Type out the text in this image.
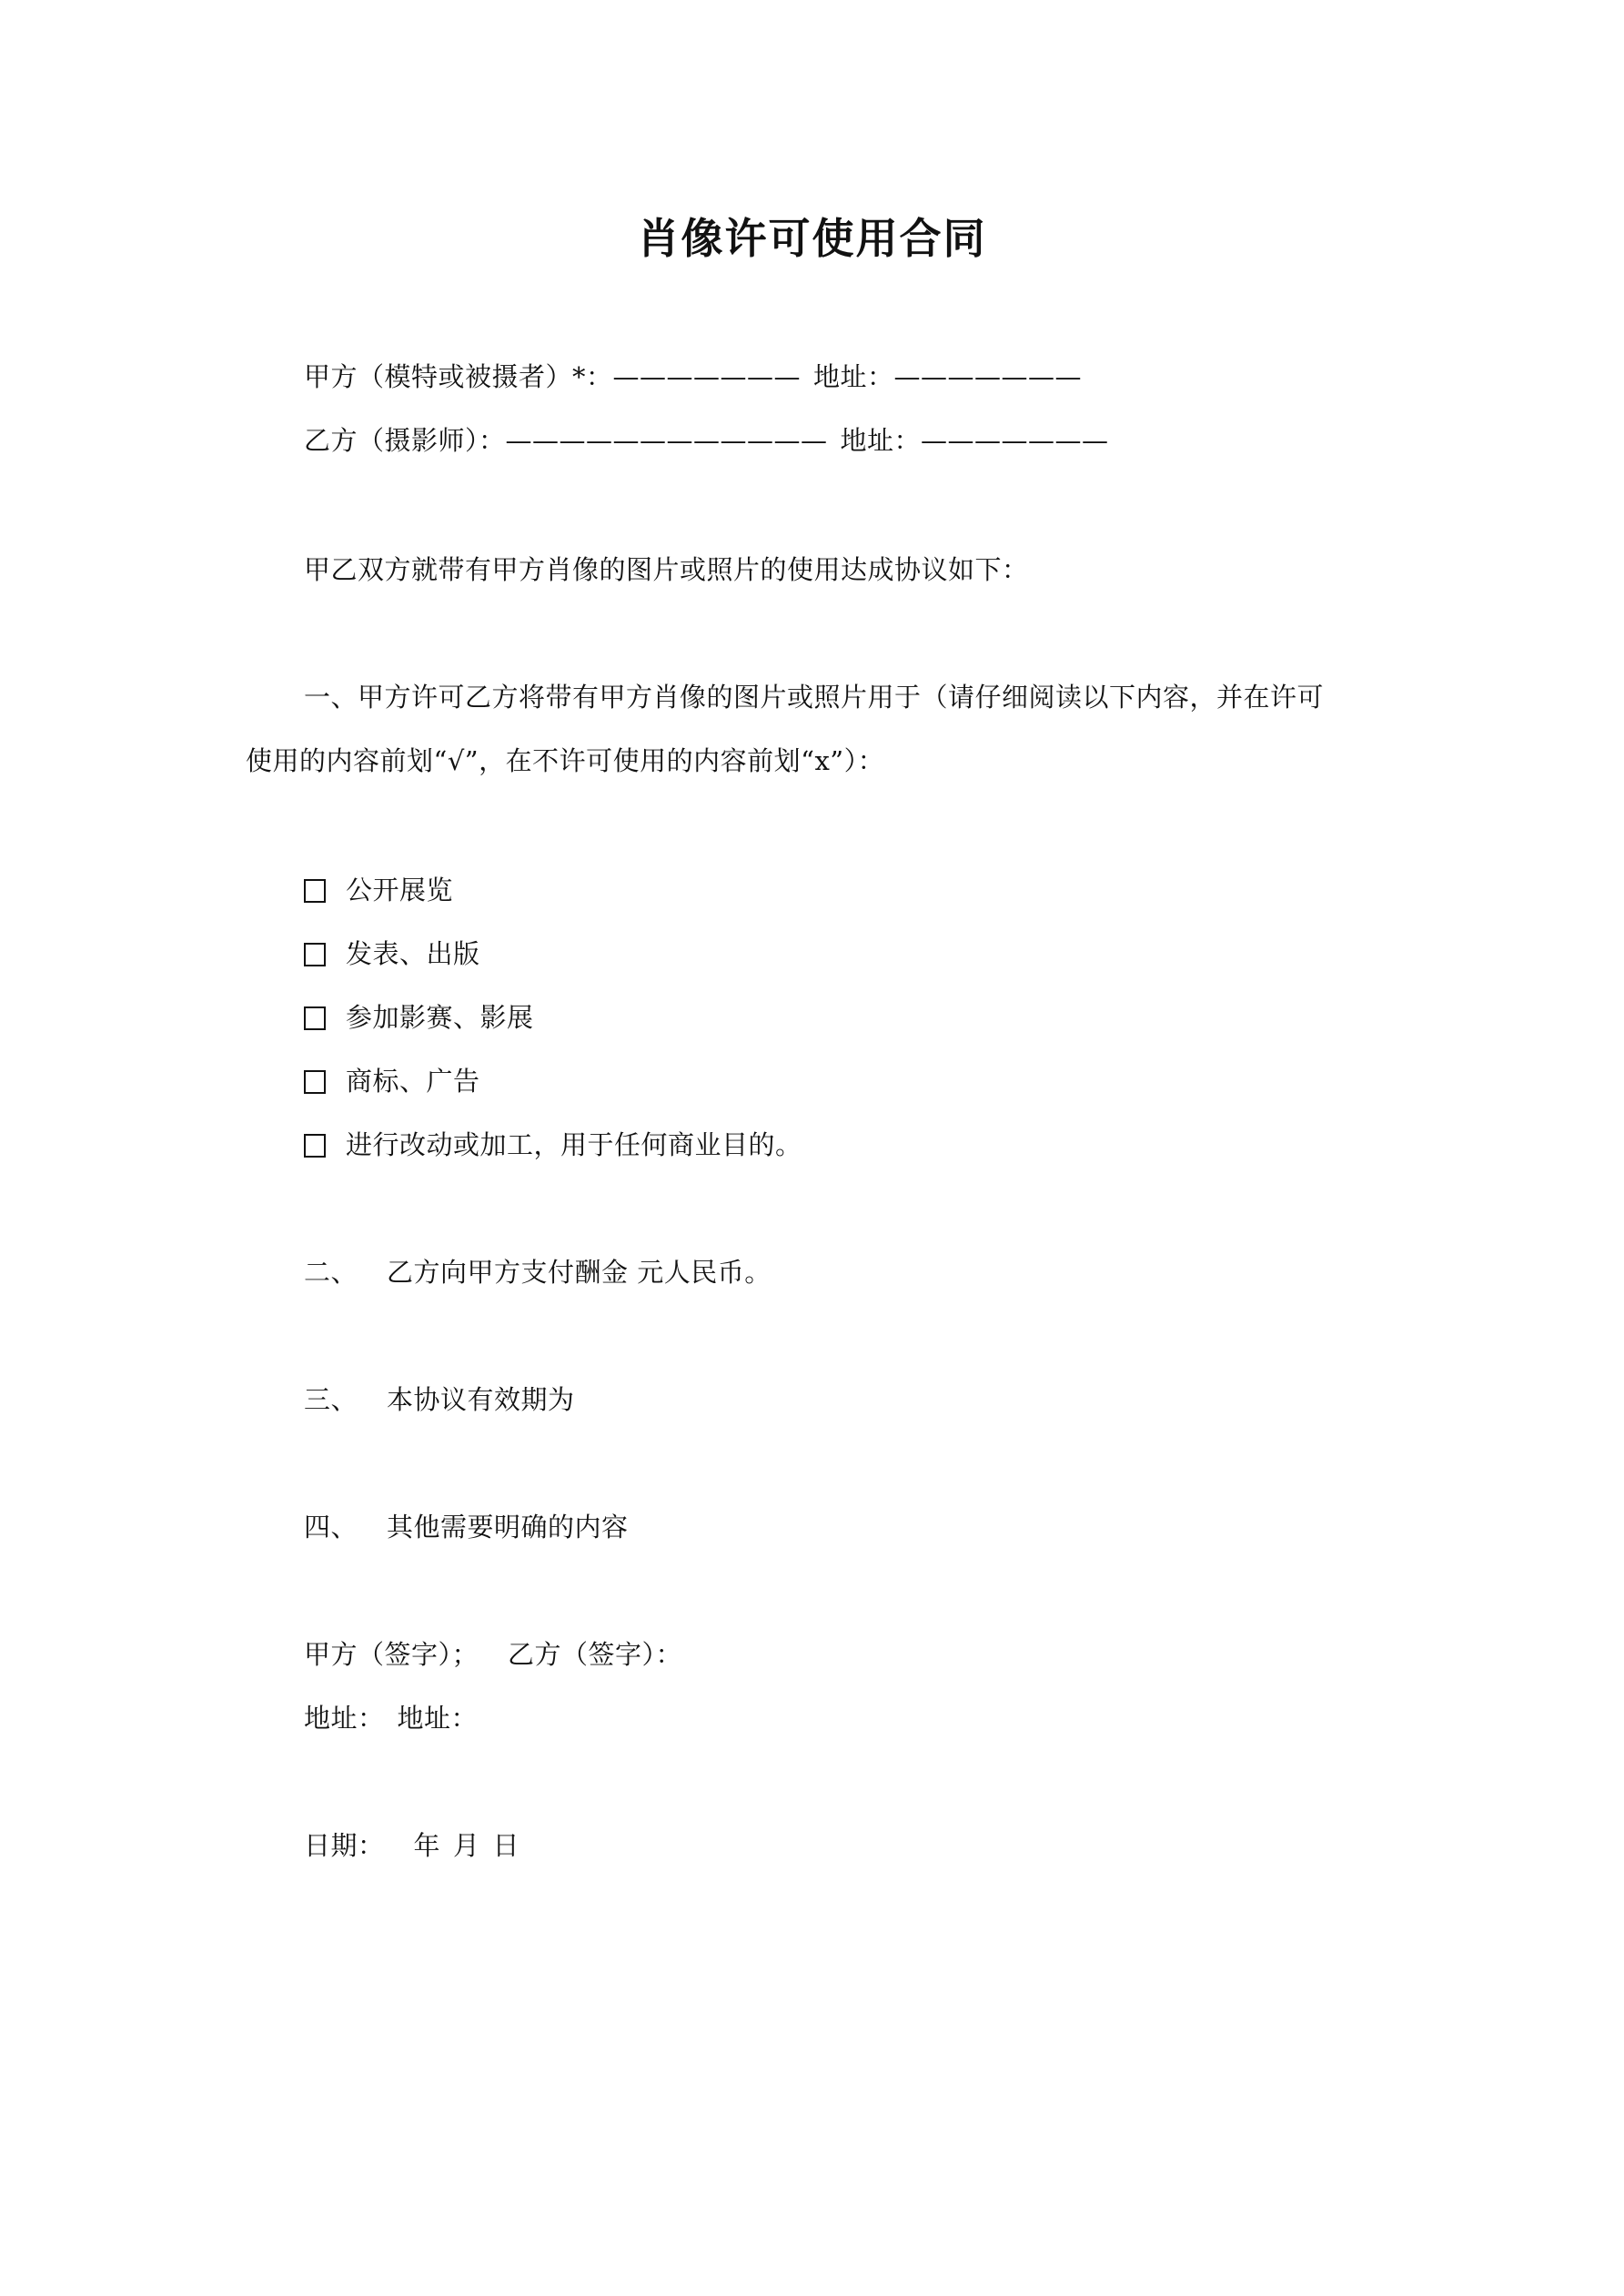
肖像许可使用合同
甲方（模特或被摄者）*：——————— 地址：———————
乙方（摄影师）：———————————— 地址：———————
甲乙双方就带有甲方肖像的图片或照片的使用达成协议如下：
一、甲方许可乙方将带有甲方肖像的图片或照片用于（请仔细阅读以下内容，并在许可
使用的内容前划“√”，在不许可使用的内容前划“x”）：
公开展览
发表、出版
参加影赛、影展
商标、广告
进行改动或加工，用于任何商业目的。
二、 乙方向甲方支付酬金 元人民币。
三、 本协议有效期为
四、 其他需要明确的内容
甲方（签字）； 乙方（签字）：
地址： 地址：
日期： 年 月 日
